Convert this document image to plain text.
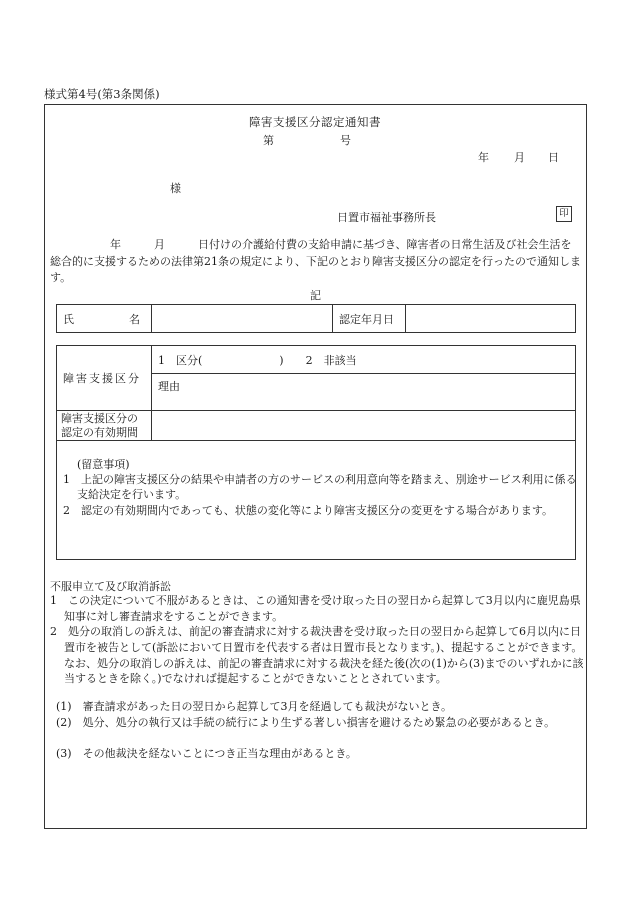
様式第4号(第3条関係)
障害支援区分認定通知書
第	号
年 月 日
様
日置市福祉事務所長	印
年　　　	月　　　	日付けの介護給付費の支給申請に基づき、障害者の日常生活及び社会生活を総合的に支援するための法律第21条の規定により、下記のとおり障害支援区分の認定を行ったので通知します。
記
氏　　　　　名		認定年月日	
障害支援区分	1　区分(　　　　　　　)　　 2　非該当
	理由

障害支援区分の
認定の有効期間	

(留意事項)
1　上記の障害支援区分の結果や申請者の方のサービスの利用意向等を踏まえ、別途サービス利用に係る支給決定を行います。
2　認定の有効期間内であっても、状態の変化等により障害支援区分の変更をする場合があります。
不服申立て及び取消訴訟
1　この決定について不服があるときは、この通知書を受け取った日の翌日から起算して3月以内に鹿児島県知事に対し審査請求をすることができます。
2　処分の取消しの訴えは、前記の審査請求に対する裁決書を受け取った日の翌日から起算して6月以内に日置市を被告として(訴訟において日置市を代表する者は日置市長となります。)、提起することができます。なお、処分の取消しの訴えは、前記の審査請求に対する裁決を経た後(次の(1)から(3)までのいずれかに該当するときを除く。)でなければ提起することができないこととされています。
(1)　審査請求があった日の翌日から起算して3月を経過しても裁決がないとき。
(2)　処分、処分の執行又は手続の続行により生ずる著しい損害を避けるため緊急の必要があるとき。
(3)　その他裁決を経ないことにつき正当な理由があるとき。
